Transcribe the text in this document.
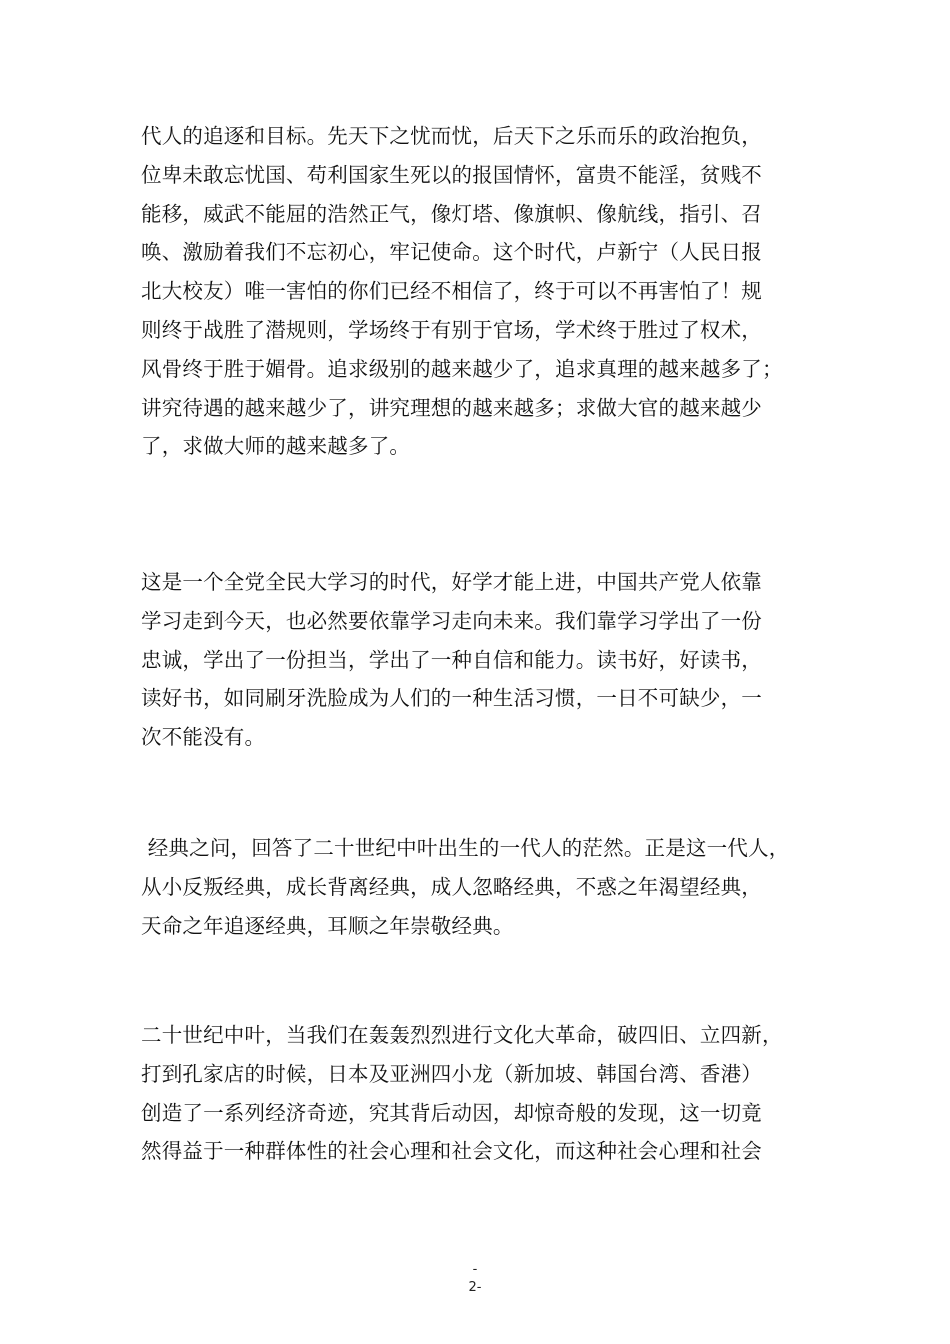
代人的追逐和目标。先天下之忧而忧，后天下之乐而乐的政治抱负，
位卑未敢忘忧国、苟利国家生死以的报国情怀，富贵不能淫，贫贱不
能移，威武不能屈的浩然正气，像灯塔、像旗帜、像航线，指引、召
唤、激励着我们不忘初心，牢记使命。这个时代，卢新宁（人民日报
北大校友）唯一害怕的你们已经不相信了，终于可以不再害怕了！规
则终于战胜了潜规则，学场终于有别于官场，学术终于胜过了权术，
风骨终于胜于媚骨。追求级别的越来越少了，追求真理的越来越多了；
讲究待遇的越来越少了，讲究理想的越来越多；求做大官的越来越少
了，求做大师的越来越多了。
这是一个全党全民大学习的时代，好学才能上进，中国共产党人依靠
学习走到今天，也必然要依靠学习走向未来。我们靠学习学出了一份
忠诚，学出了一份担当，学出了一种自信和能力。读书好，好读书，
读好书，如同刷牙洗脸成为人们的一种生活习惯，一日不可缺少，一
次不能没有。
经典之问，回答了二十世纪中叶出生的一代人的茫然。正是这一代人，
从小反叛经典，成长背离经典，成人忽略经典，不惑之年渴望经典，
天命之年追逐经典，耳顺之年崇敬经典。
二十世纪中叶，当我们在轰轰烈烈进行文化大革命，破四旧、立四新，
打到孔家店的时候，日本及亚洲四小龙（新加坡、韩国台湾、香港）
创造了一系列经济奇迹，究其背后动因，却惊奇般的发现，这一切竟
然得益于一种群体性的社会心理和社会文化，而这种社会心理和社会
-
2-
